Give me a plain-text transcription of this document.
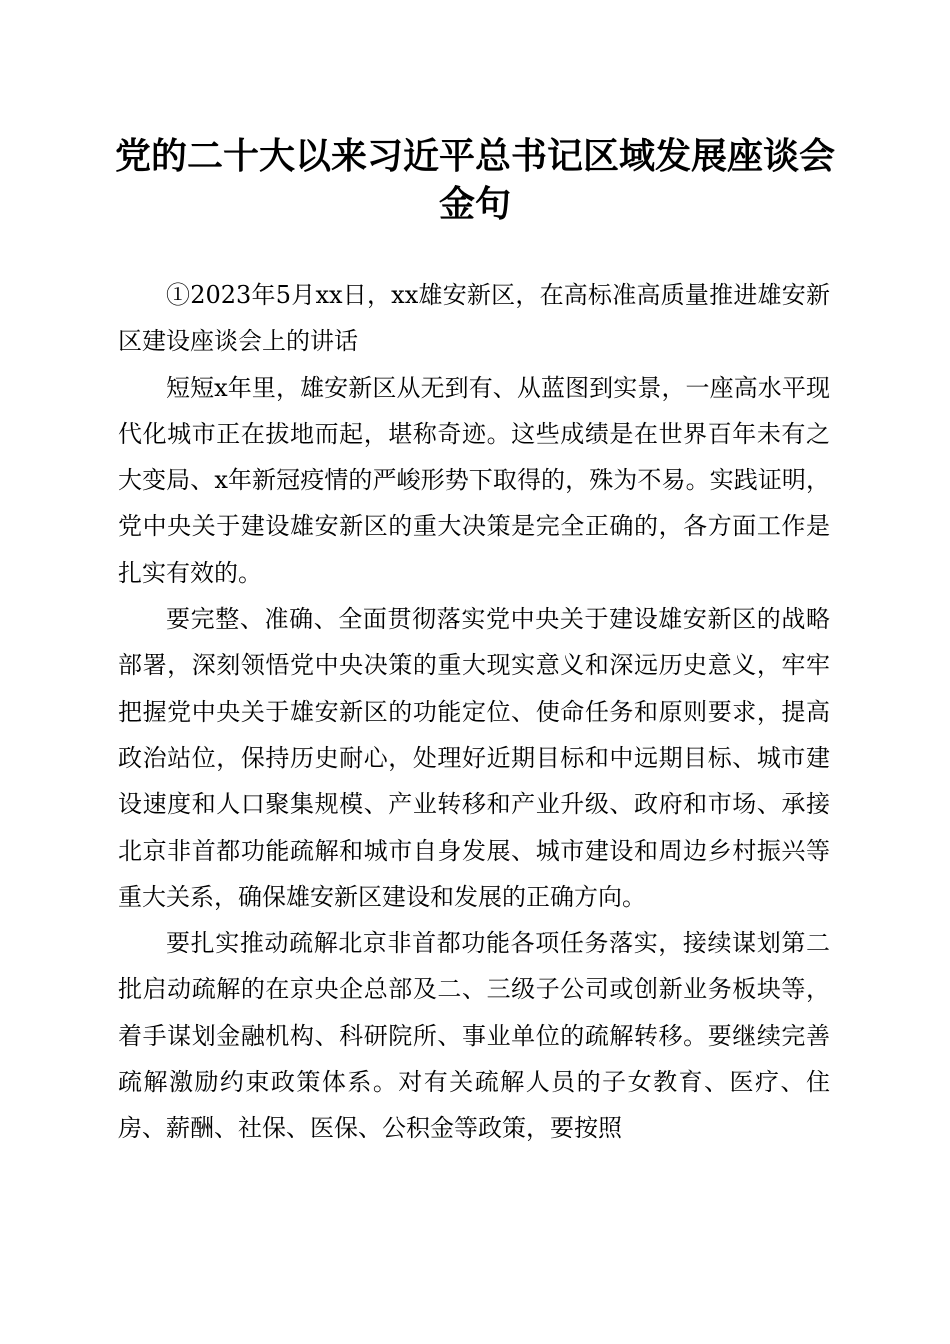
党的二十大以来习近平总书记区域发展座谈会
金句

①2023年5月xx日，xx雄安新区，在高标准高质量推进雄安新区建设座谈会上的讲话

短短x年里，雄安新区从无到有、从蓝图到实景，一座高水平现代化城市正在拔地而起，堪称奇迹。这些成绩是在世界百年未有之大变局、x年新冠疫情的严峻形势下取得的，殊为不易。实践证明，党中央关于建设雄安新区的重大决策是完全正确的，各方面工作是扎实有效的。

要完整、准确、全面贯彻落实党中央关于建设雄安新区的战略部署，深刻领悟党中央决策的重大现实意义和深远历史意义，牢牢把握党中央关于雄安新区的功能定位、使命任务和原则要求，提高政治站位，保持历史耐心，处理好近期目标和中远期目标、城市建设速度和人口聚集规模、产业转移和产业升级、政府和市场、承接北京非首都功能疏解和城市自身发展、城市建设和周边乡村振兴等重大关系，确保雄安新区建设和发展的正确方向。

要扎实推动疏解北京非首都功能各项任务落实，接续谋划第二批启动疏解的在京央企总部及二、三级子公司或创新业务板块等，着手谋划金融机构、科研院所、事业单位的疏解转移。要继续完善疏解激励约束政策体系。对有关疏解人员的子女教育、医疗、住房、薪酬、社保、医保、公积金等政策，要按照
